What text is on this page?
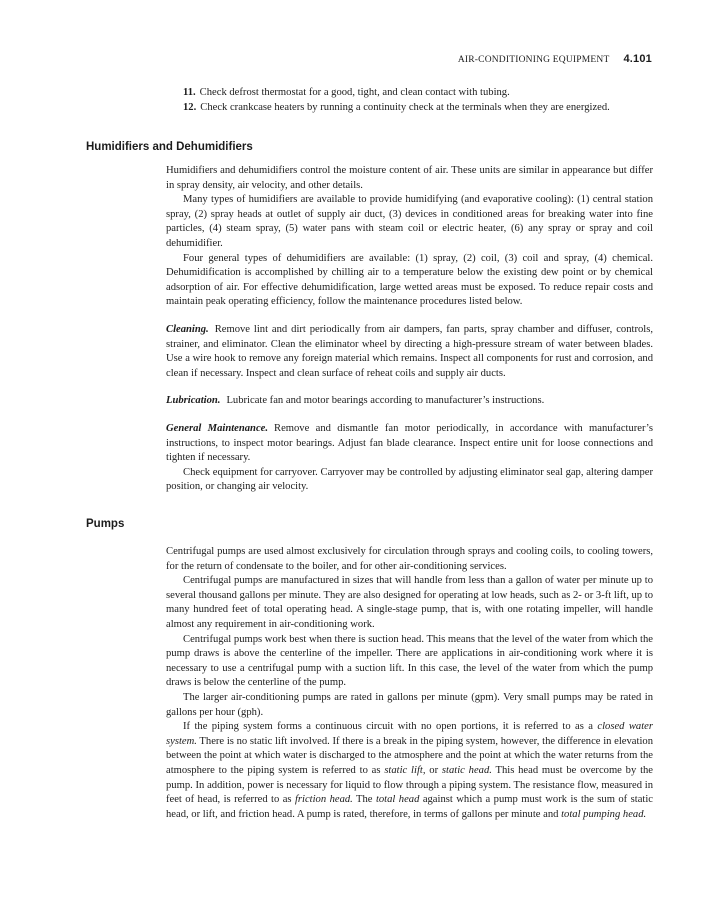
AIR-CONDITIONING EQUIPMENT 4.101

11. Check defrost thermostat for a good, tight, and clean contact with tubing.

12. Check crankcase heaters by running a continuity check at the terminals when they are energized.

Humidifiers and Dehumidifiers

Humidifiers and dehumidifiers control the moisture content of air. These units are similar in appearance but differ in spray density, air velocity, and other details.

Many types of humidifiers are available to provide humidifying (and evaporative cooling): (1) central station spray, (2) spray heads at outlet of supply air duct, (3) devices in conditioned areas for breaking water into fine particles, (4) steam spray, (5) water pans with steam coil or electric heater, (6) any spray or spray and coil dehumidifier.

Four general types of dehumidifiers are available: (1) spray, (2) coil, (3) coil and spray, (4) chemical. Dehumidification is accomplished by chilling air to a temperature below the existing dew point or by chemical adsorption of air. For effective dehumidification, large wetted areas must be exposed. To reduce repair costs and maintain peak operating efficiency, follow the maintenance procedures listed below.

Cleaning. Remove lint and dirt periodically from air dampers, fan parts, spray chamber and diffuser, controls, strainer, and eliminator. Clean the eliminator wheel by directing a high-pressure stream of water between blades. Use a wire hook to remove any foreign material which remains. Inspect all components for rust and corrosion, and clean if necessary. Inspect and clean surface of reheat coils and supply air ducts.

Lubrication. Lubricate fan and motor bearings according to manufacturer’s instructions.

General Maintenance. Remove and dismantle fan motor periodically, in accordance with manufacturer’s instructions, to inspect motor bearings. Adjust fan blade clearance. Inspect entire unit for loose connections and tighten if necessary.

Check equipment for carryover. Carryover may be controlled by adjusting eliminator seal gap, altering damper position, or changing air velocity.

Pumps

Centrifugal pumps are used almost exclusively for circulation through sprays and cooling coils, to cooling towers, for the return of condensate to the boiler, and for other air-conditioning services.

Centrifugal pumps are manufactured in sizes that will handle from less than a gallon of water per minute up to several thousand gallons per minute. They are also designed for operating at low heads, such as 2- or 3-ft lift, up to many hundred feet of total operating head. A single-stage pump, that is, with one rotating impeller, will handle almost any requirement in air-conditioning work.

Centrifugal pumps work best when there is suction head. This means that the level of the water from which the pump draws is above the centerline of the impeller. There are applications in air-conditioning work where it is necessary to use a centrifugal pump with a suction lift. In this case, the level of the water from which the pump draws is below the centerline of the pump.

The larger air-conditioning pumps are rated in gallons per minute (gpm). Very small pumps may be rated in gallons per hour (gph).

If the piping system forms a continuous circuit with no open portions, it is referred to as a closed water system. There is no static lift involved. If there is a break in the piping system, however, the difference in elevation between the point at which water is discharged to the atmosphere and the point at which the water returns from the atmosphere to the piping system is referred to as static lift, or static head. This head must be overcome by the pump. In addition, power is necessary for liquid to flow through a piping system. The resistance flow, measured in feet of head, is referred to as friction head. The total head against which a pump must work is the sum of static head, or lift, and friction head. A pump is rated, therefore, in terms of gallons per minute and total pumping head.
